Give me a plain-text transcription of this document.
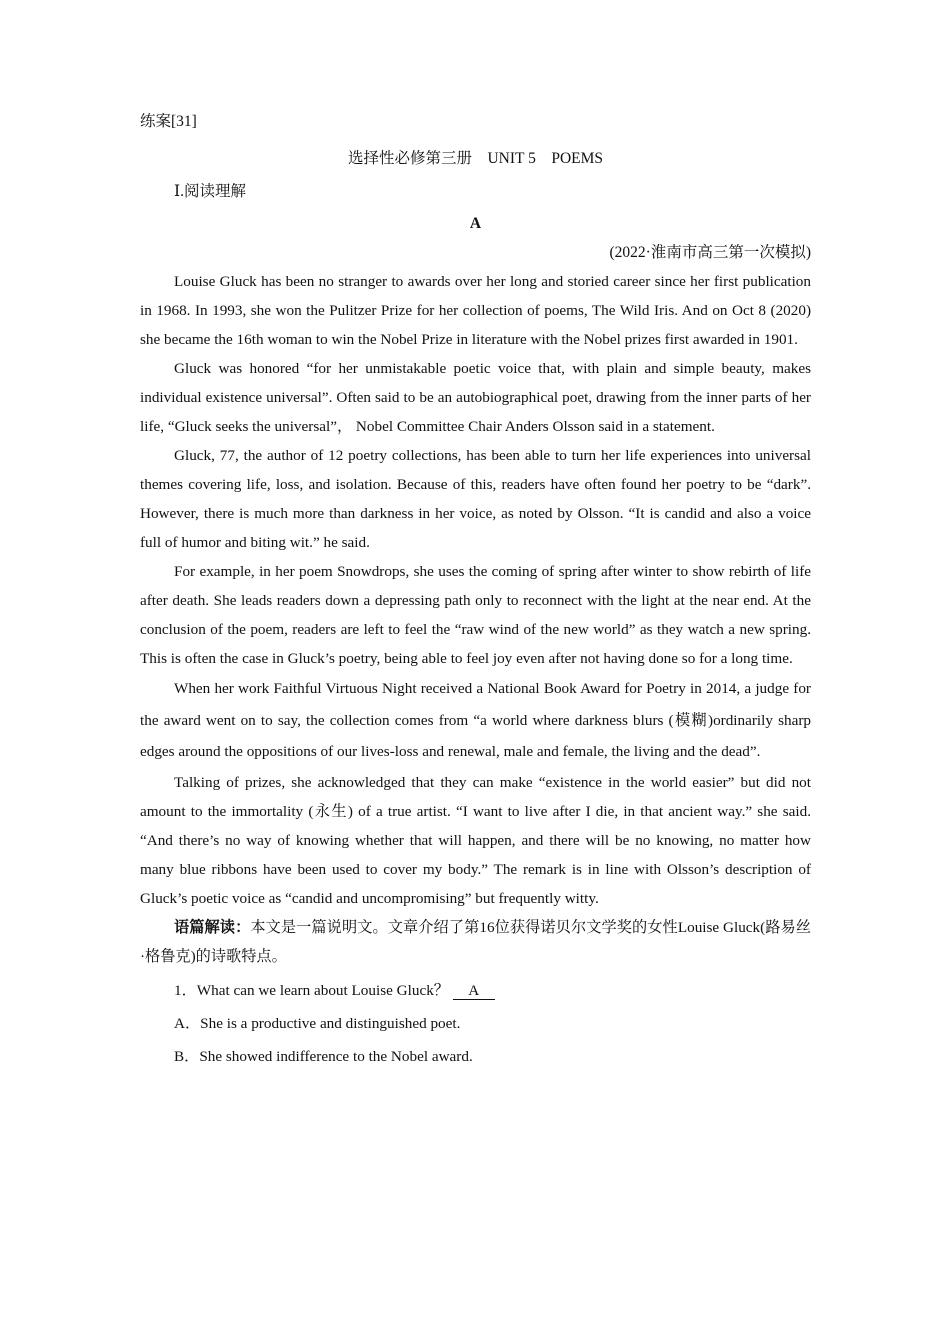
练案[31]
选择性必修第三册　UNIT 5　POEMS
Ⅰ.阅读理解
A
(2022·淮南市高三第一次模拟)

Louise Gluck has been no stranger to awards over her long and storied career since her first publication in 1968. In 1993, she won the Pulitzer Prize for her collection of poems, The Wild Iris. And on Oct 8 (2020) she became the 16th woman to win the Nobel Prize in literature with the Nobel prizes first awarded in 1901.

Gluck was honored “for her unmistakable poetic voice that, with plain and simple beauty, makes individual existence universal”. Often said to be an autobiographical poet, drawing from the inner parts of her life, “Gluck seeks the universal”， Nobel Committee Chair Anders Olsson said in a statement.

Gluck, 77, the author of 12 poetry collections, has been able to turn her life experiences into universal themes covering life, loss, and isolation. Because of this, readers have often found her poetry to be “dark”. However, there is much more than darkness in her voice, as noted by Olsson. “It is candid and also a voice full of humor and biting wit.” he said.

For example, in her poem Snowdrops, she uses the coming of spring after winter to show rebirth of life after death. She leads readers down a depressing path only to reconnect with the light at the near end. At the conclusion of the poem, readers are left to feel the “raw wind of the new world” as they watch a new spring. This is often the case in Gluck’s poetry, being able to feel joy even after not having done so for a long time.

When her work Faithful Virtuous Night received a National Book Award for Poetry in 2014, a judge for the award went on to say, the collection comes from “a world where darkness blurs (模糊)ordinarily sharp edges around the oppositions of our lives-loss and renewal, male and female, the living and the dead”.

Talking of prizes, she acknowledged that they can make “existence in the world easier” but did not amount to the immortality (永生) of a true artist. “I want to live after I die, in that ancient way.” she said. “And there’s no way of knowing whether that will happen, and there will be no knowing, no matter how many blue ribbons have been used to cover my body.” The remark is in line with Olsson’s description of Gluck’s poetic voice as “candid and uncompromising” but frequently witty.

语篇解读：本文是一篇说明文。文章介绍了第16位获得诺贝尔文学奖的女性Louise Gluck(路易丝·格鲁克)的诗歌特点。

1．What can we learn about Louise Gluck？ A

A．She is a productive and distinguished poet.

B．She showed indifference to the Nobel award.
